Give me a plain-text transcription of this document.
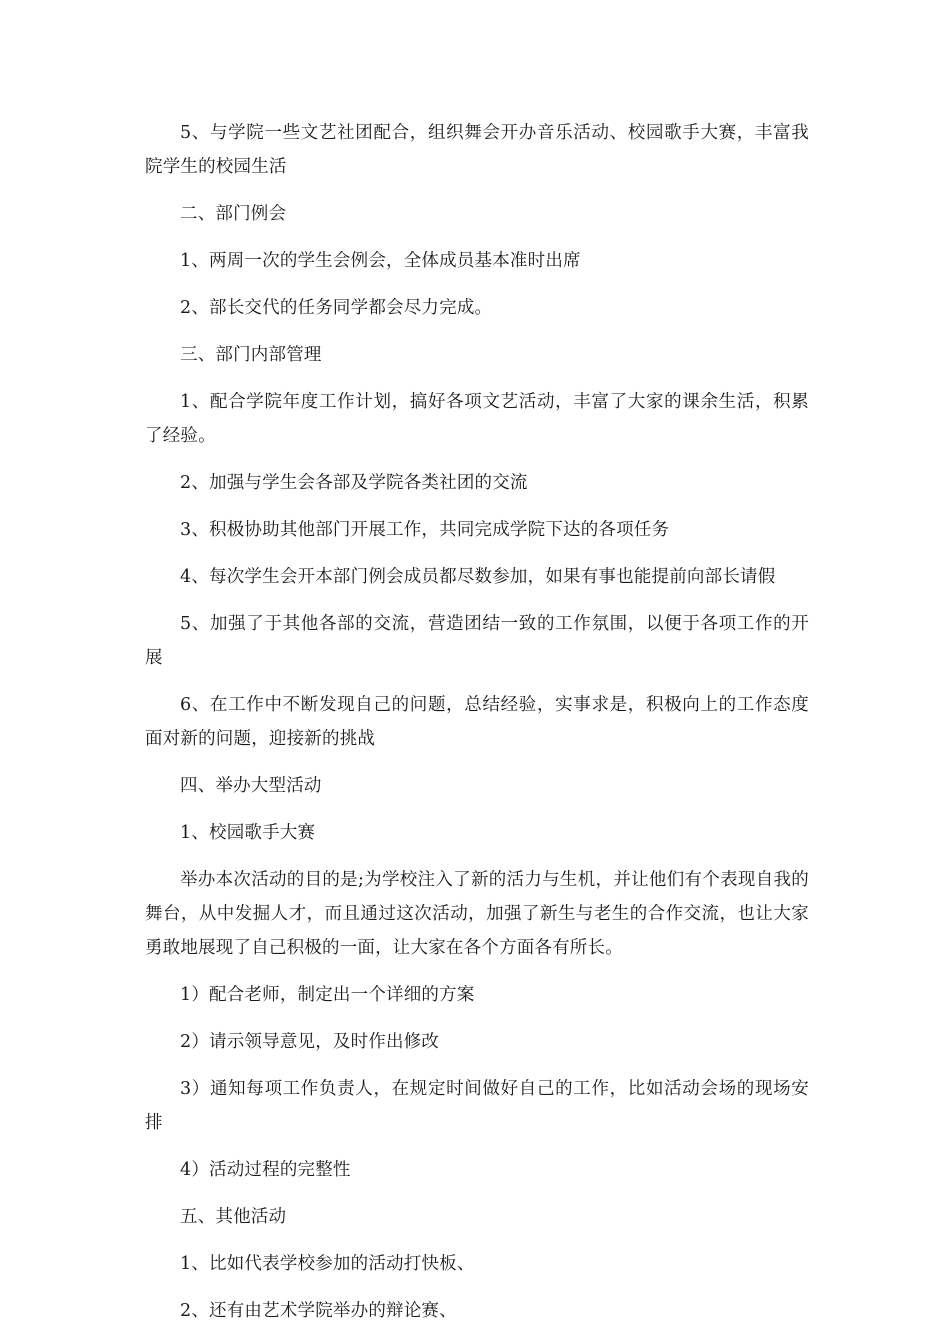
5、与学院一些文艺社团配合，组织舞会开办音乐活动、校园歌手大赛，丰富我院学生的校园生活

二、部门例会

1、两周一次的学生会例会，全体成员基本准时出席

2、部长交代的任务同学都会尽力完成。

三、部门内部管理

1、配合学院年度工作计划，搞好各项文艺活动，丰富了大家的课余生活，积累了经验。

2、加强与学生会各部及学院各类社团的交流

3、积极协助其他部门开展工作，共同完成学院下达的各项任务

4、每次学生会开本部门例会成员都尽数参加，如果有事也能提前向部长请假

5、加强了于其他各部的交流，营造团结一致的工作氛围，以便于各项工作的开展

6、在工作中不断发现自己的问题，总结经验，实事求是，积极向上的工作态度面对新的问题，迎接新的挑战

四、举办大型活动

1、校园歌手大赛

举办本次活动的目的是;为学校注入了新的活力与生机，并让他们有个表现自我的舞台，从中发掘人才，而且通过这次活动，加强了新生与老生的合作交流，也让大家勇敢地展现了自己积极的一面，让大家在各个方面各有所长。

1）配合老师，制定出一个详细的方案

2）请示领导意见，及时作出修改

3）通知每项工作负责人，在规定时间做好自己的工作，比如活动会场的现场安排

4）活动过程的完整性

五、其他活动

1、比如代表学校参加的活动打快板、

2、还有由艺术学院举办的辩论赛、
